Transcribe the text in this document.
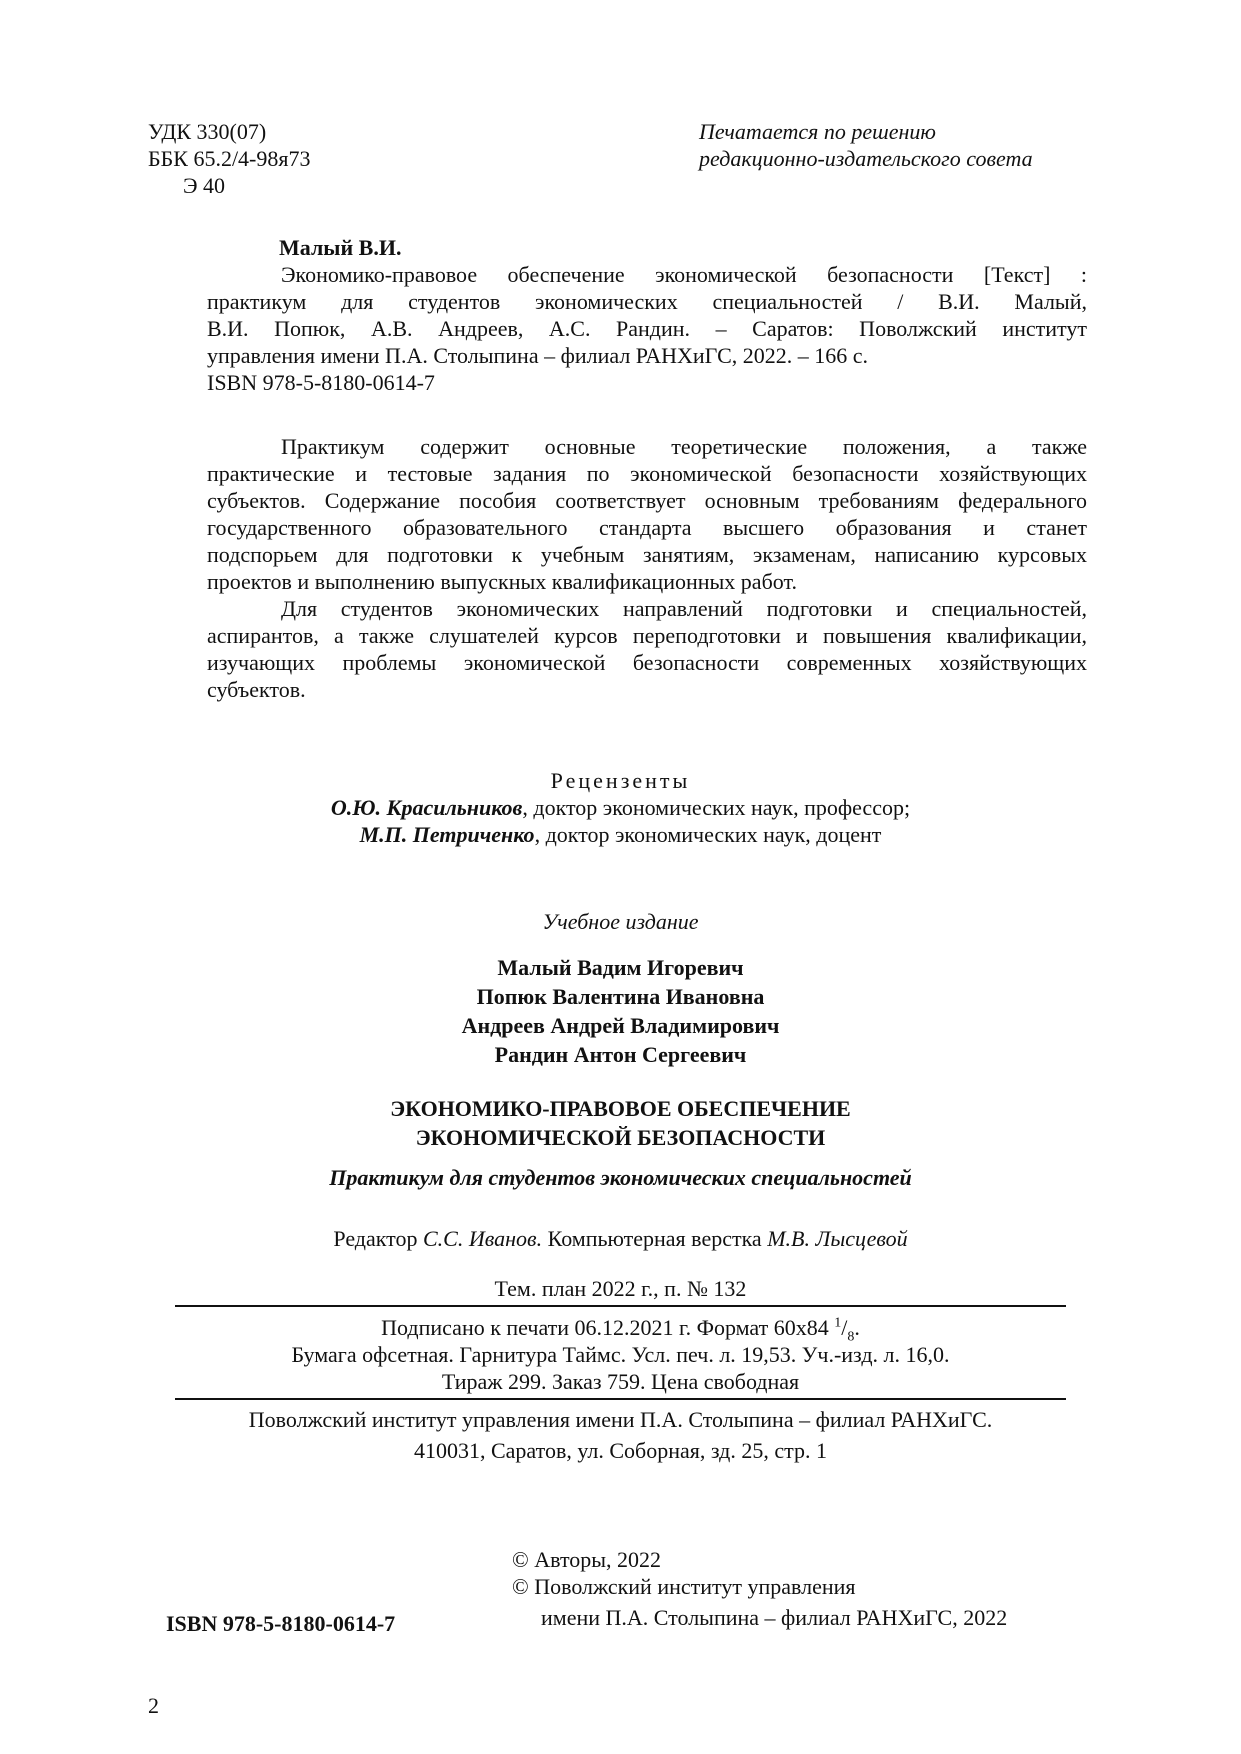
УДК 330(07)
ББК 65.2/4-98я73
Э 40
Печатается по решению
редакционно-издательского совета
Малый В.И.
Экономико-правовое обеспечение экономической безопасности [Текст] :
практикум для студентов экономических специальностей / В.И. Малый,
В.И. Попюк, А.В. Андреев, А.С. Рандин. – Саратов: Поволжский институт
управления имени П.А. Столыпина – филиал РАНХиГС, 2022. – 166 с.
ISBN 978-5-8180-0614-7
Практикум содержит основные теоретические положения, а также
практические и тестовые задания по экономической безопасности хозяйствующих
субъектов. Содержание пособия соответствует основным требованиям федерального
государственного образовательного стандарта высшего образования и станет
подспорьем для подготовки к учебным занятиям, экзаменам, написанию курсовых
проектов и выполнению выпускных квалификационных работ.
Для студентов экономических направлений подготовки и специальностей,
аспирантов, а также слушателей курсов переподготовки и повышения квалификации,
изучающих проблемы экономической безопасности современных хозяйствующих
субъектов.
Рецензенты
О.Ю. Красильников, доктор экономических наук, профессор;
М.П. Петриченко, доктор экономических наук, доцент
Учебное издание
Малый Вадим Игоревич
Попюк Валентина Ивановна
Андреев Андрей Владимирович
Рандин Антон Сергеевич
ЭКОНОМИКО-ПРАВОВОЕ ОБЕСПЕЧЕНИЕ
ЭКОНОМИЧЕСКОЙ БЕЗОПАСНОСТИ
Практикум для студентов экономических специальностей
Редактор С.С. Иванов. Компьютерная верстка М.В. Лысцевой
Тем. план 2022 г., п. № 132
Подписано к печати 06.12.2021 г. Формат 60x84 $^1/_8$.
Бумага офсетная. Гарнитура Таймс. Усл. печ. л. 19,53. Уч.-изд. л. 16,0.
Тираж 299. Заказ 759. Цена свободная
Поволжский институт управления имени П.А. Столыпина – филиал РАНХиГС.
410031, Саратов, ул. Соборная, зд. 25, стр. 1
© Авторы, 2022
© Поволжский институт управления
имени П.А. Столыпина – филиал РАНХиГС, 2022
ISBN 978-5-8180-0614-7
2
